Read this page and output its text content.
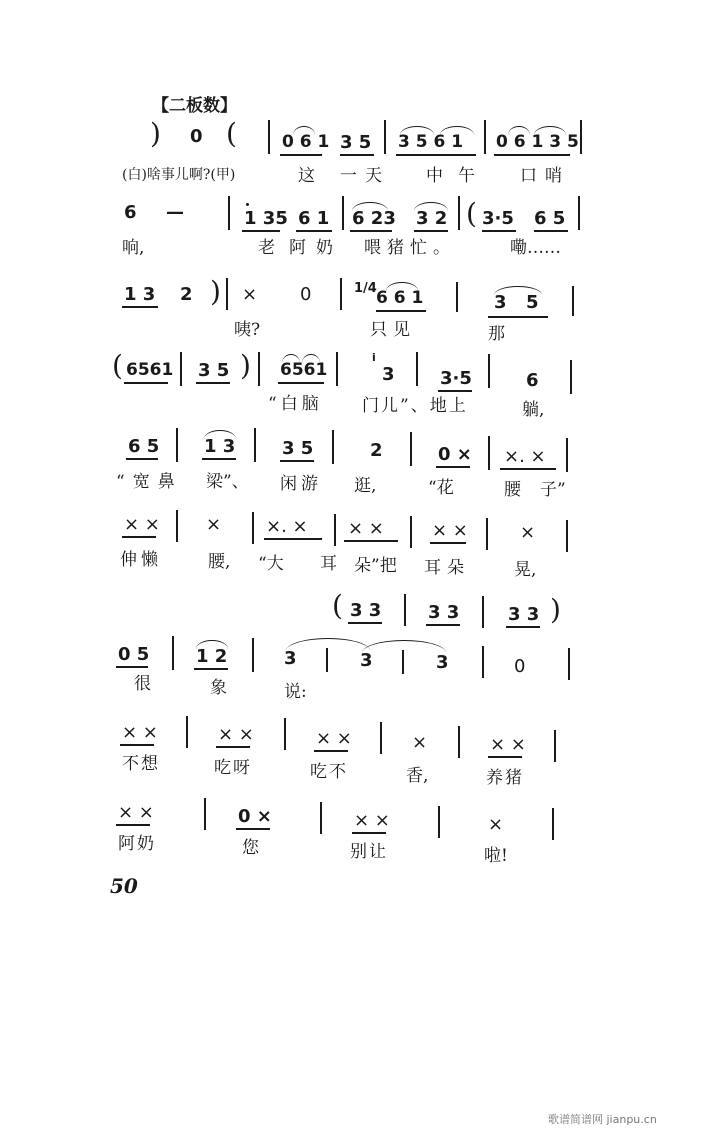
【二板数】
) 0 (	0 6 1 3 5 3 5 6 1 0 6 1 3 5
(白)啥事儿啊?(甲)	这 一天 中 午	口哨
6 —	1 35 6 1 6 23 3 2 ( 3·5 6 5
响,	老阿
奶 喂猪忙。	嘞……
1 3 2 ) × 0	1/4 6 6 1	3 5
咦?	只见	那
( 6561 3 5 ) 6561
i
3	3·5	6
“白脑 门儿”、地上	躺,
6 5 1 3	3 5	2	0 × ×. ×
“宽鼻 梁”、 闲游 逛,	“花	腰 子”
× ×	× ×. × × ×	× ×	×
伸懒	腰, “大 耳 朵”把 耳朵	晃,
( 3 3	3 3	3 3 )
0 5	1 2	3	3	3	0
很	象	说:
× ×	× ×	× ×	×	× ×
不想	吃呀	吃不	香,	养猪
× ×	0 ×	× ×	×
阿奶	您	别让	啦!
50
歌谱简谱网 jianpu.cn
